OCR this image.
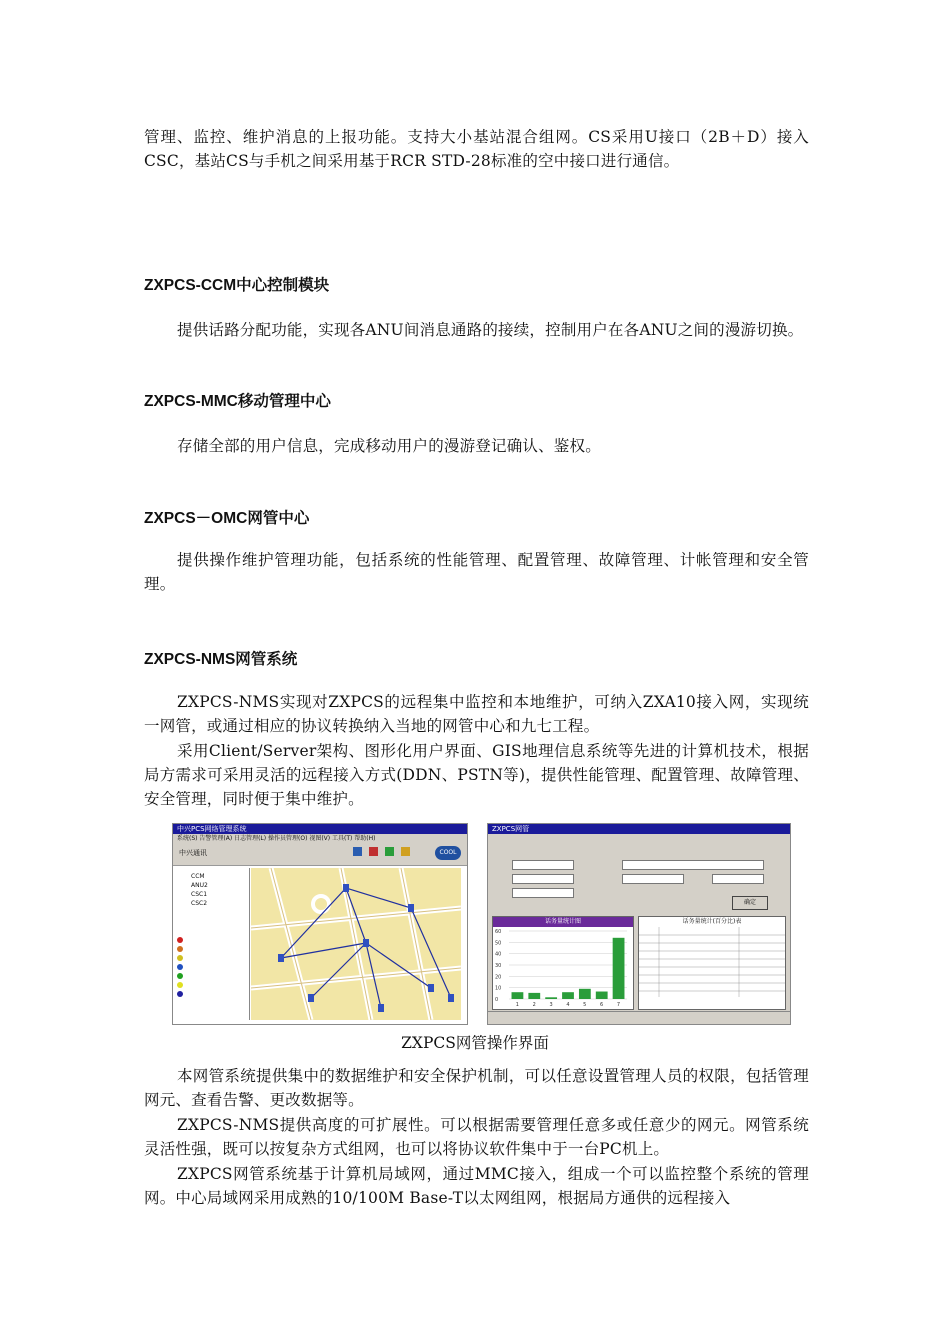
管理、监控、维护消息的上报功能。支持大小基站混合组网。CS采用U接口（2B＋D）接入CSC，基站CS与手机之间采用基于RCR STD-28标准的空中接口进行通信。

ZXPCS-CCM中心控制模块

提供话路分配功能，实现各ANU间消息通路的接续，控制用户在各ANU之间的漫游切换。

ZXPCS-MMC移动管理中心

存储全部的用户信息，完成移动用户的漫游登记确认、鉴权。

ZXPCS－OMC网管中心

提供操作维护管理功能，包括系统的性能管理、配置管理、故障管理、计帐管理和安全管理。

ZXPCS-NMS网管系统

ZXPCS-NMS实现对ZXPCS的远程集中监控和本地维护，可纳入ZXA10接入网，实现统一网管，或通过相应的协议转换纳入当地的网管中心和九七工程。

采用Client/Server架构、图形化用户界面、GIS地理信息系统等先进的计算机技术，根据局方需求可采用灵活的远程接入方式(DDN、PSTN等)，提供性能管理、配置管理、故障管理、安全管理，同时便于集中维护。

中兴PCS网络管理系统
系统(S) 告警管理(A) 日志管理(L) 操作员管理(O) 视图(V) 工具(T) 帮助(H)
中兴通讯	COOL
CCM
ANU2
CSC1
CSC2
ZXPCS网管
确定
话务量统计图
60
50
40
30
20
10
0
1	2	3	4	5	6	7
话务量统计(百分比)表
ZXPCS网管操作界面

本网管系统提供集中的数据维护和安全保护机制，可以任意设置管理人员的权限，包括管理网元、查看告警、更改数据等。

ZXPCS-NMS提供高度的可扩展性。可以根据需要管理任意多或任意少的网元。网管系统灵活性强，既可以按复杂方式组网，也可以将协议软件集中于一台PC机上。

ZXPCS网管系统基于计算机局域网，通过MMC接入，组成一个可以监控整个系统的管理网。中心局域网采用成熟的10/100M Base-T以太网组网，根据局方通供的远程接入
